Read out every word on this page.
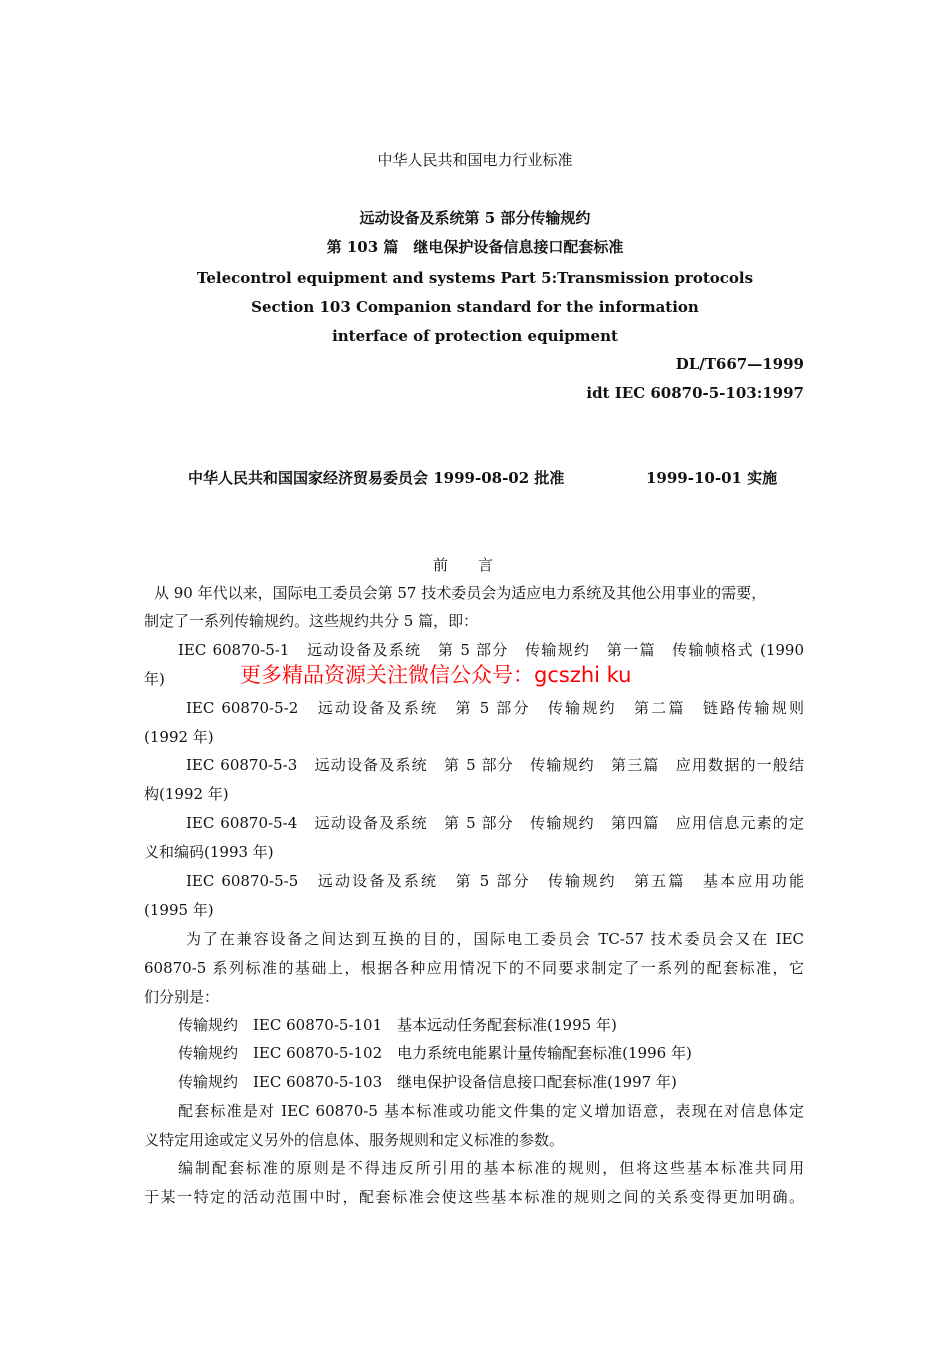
中华人民共和国电力行业标准
远动设备及系统第 5 部分传输规约
第 103 篇　继电保护设备信息接口配套标准
Telecontrol equipment and systems Part 5:Transmission protocols
Section 103 Companion standard for the information
interface of protection equipment
DL/T667—1999
idt IEC 60870-5-103:1997
中华人民共和国国家经济贸易委员会 1999-08-02 批准	1999-10-01 实施
前　　言
从 90 年代以来，国际电工委员会第 57 技术委员会为适应电力系统及其他公用事业的需要，
制定了一系列传输规约。这些规约共分 5 篇，即：
IEC 60870-5-1　远动设备及系统　第 5 部分　传输规约　第一篇　传输帧格式 (1990
年)
IEC 60870-5-2　远动设备及系统　第 5 部分　传输规约　第二篇　链路传输规则
(1992 年)
IEC 60870-5-3　远动设备及系统　第 5 部分　传输规约　第三篇　应用数据的一般结
构(1992 年)
IEC 60870-5-4　远动设备及系统　第 5 部分　传输规约　第四篇　应用信息元素的定
义和编码(1993 年)
IEC 60870-5-5　远动设备及系统　第 5 部分　传输规约　第五篇　基本应用功能
(1995 年)
为了在兼容设备之间达到互换的目的，国际电工委员会 TC-57 技术委员会又在 IEC
60870-5 系列标准的基础上，根据各种应用情况下的不同要求制定了一系列的配套标准，它
们分别是：
传输规约　IEC 60870-5-101　基本远动任务配套标准(1995 年)
传输规约　IEC 60870-5-102　电力系统电能累计量传输配套标准(1996 年)
传输规约　IEC 60870-5-103　继电保护设备信息接口配套标准(1997 年)
配套标准是对 IEC 60870-5 基本标准或功能文件集的定义增加语意，表现在对信息体定
义特定用途或定义另外的信息体、服务规则和定义标准的参数。
编制配套标准的原则是不得违反所引用的基本标准的规则，但将这些基本标准共同用
于某一特定的活动范围中时，配套标准会使这些基本标准的规则之间的关系变得更加明确。
更多精品资源关注微信公众号：gcszhi ku
